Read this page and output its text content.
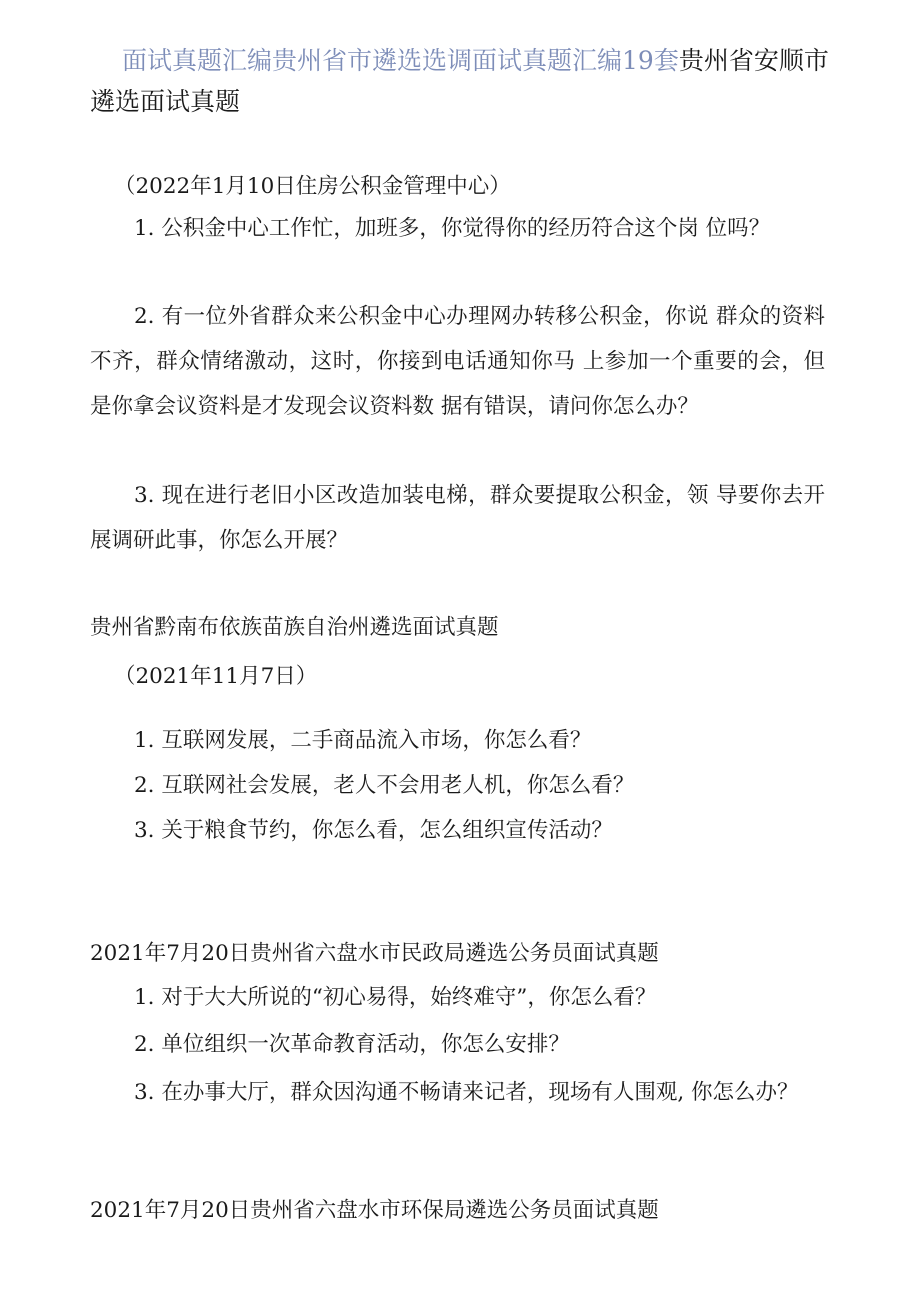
面试真题汇编贵州省市遴选选调面试真题汇编19套贵州省安顺市遴选面试真题

（2022年1月10日住房公积金管理中心）

1. 公积金中心工作忙，加班多，你觉得你的经历符合这个岗 位吗？

2. 有一位外省群众来公积金中心办理网办转移公积金，你说 群众的资料不齐，群众情绪激动，这时，你接到电话通知你马 上参加一个重要的会，但是你拿会议资料是才发现会议资料数 据有错误，请问你怎么办？

3. 现在进行老旧小区改造加装电梯，群众要提取公积金，领 导要你去开展调研此事，你怎么开展？

贵州省黔南布依族苗族自治州遴选面试真题

（2021年11月7日）

1. 互联网发展，二手商品流入市场，你怎么看？

2. 互联网社会发展，老人不会用老人机，你怎么看？

3. 关于粮食节约，你怎么看，怎么组织宣传活动？

2021年7月20日贵州省六盘水市民政局遴选公务员面试真题

1. 对于大大所说的“初心易得，始终难守”，你怎么看？

2. 单位组织一次革命教育活动，你怎么安排？

3. 在办事大厅，群众因沟通不畅请来记者，现场有人围观, 你怎么办？

2021年7月20日贵州省六盘水市环保局遴选公务员面试真题
